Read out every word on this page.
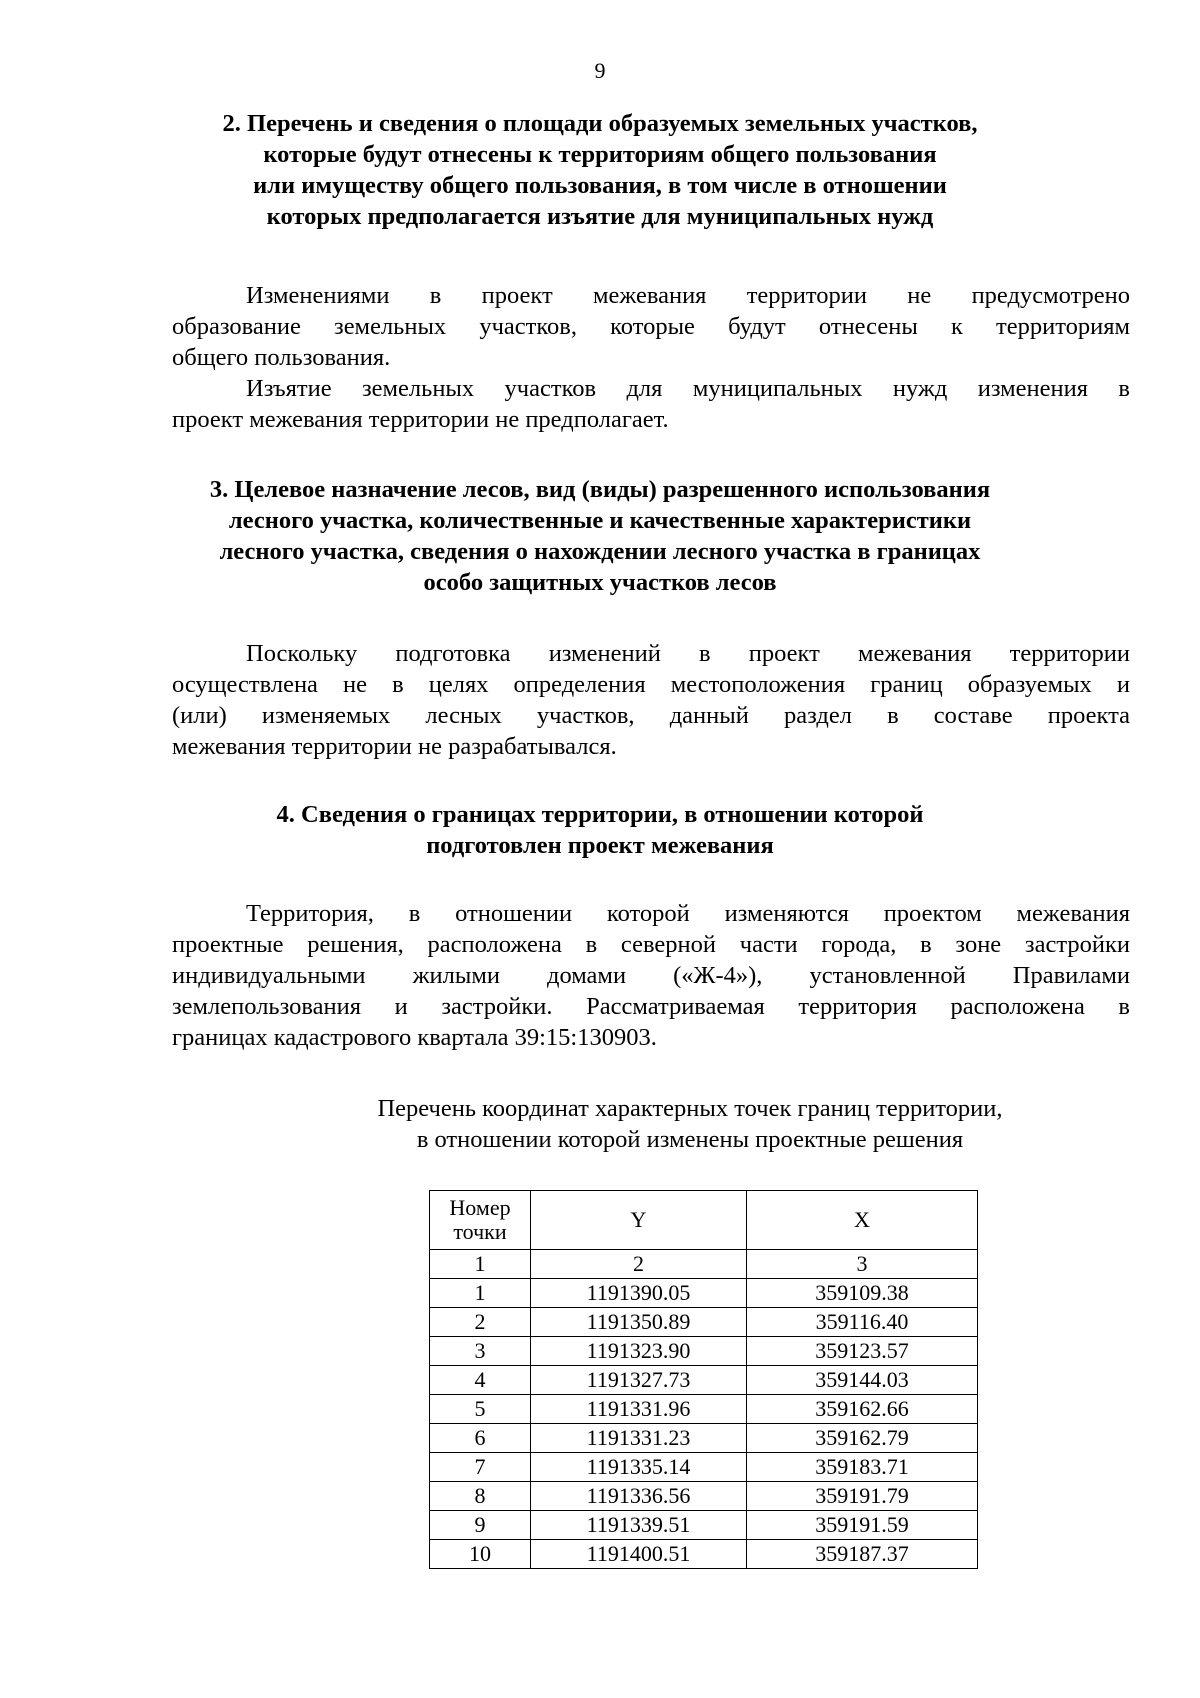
9
2. Перечень и сведения о площади образуемых земельных участков,
которые будут отнесены к территориям общего пользования
или имуществу общего пользования, в том числе в отношении
которых предполагается изъятие для муниципальных нужд
Изменениями в проект межевания территории не предусмотрено
образование земельных участков, которые будут отнесены к территориям
общего пользования.
Изъятие земельных участков для муниципальных нужд изменения в
проект межевания территории не предполагает.
3. Целевое назначение лесов, вид (виды) разрешенного использования
лесного участка, количественные и качественные характеристики
лесного участка, сведения о нахождении лесного участка в границах
особо защитных участков лесов
Поскольку подготовка изменений в проект межевания территории
осуществлена не в целях определения местоположения границ образуемых и
(или) изменяемых лесных участков, данный раздел в составе проекта
межевания территории не разрабатывался.
4. Сведения о границах территории, в отношении которой
подготовлен проект межевания
Территория, в отношении которой изменяются проектом межевания
проектные решения, расположена в северной части города, в зоне застройки
индивидуальными жилыми домами («Ж-4»), установленной Правилами
землепользования и застройки. Рассматриваемая территория расположена в
границах кадастрового квартала 39:15:130903.
Перечень координат характерных точек границ территории,
в отношении которой изменены проектные решения
Номер
точки	Y	X
1	2	3
1	1191390.05	359109.38
2	1191350.89	359116.40
3	1191323.90	359123.57
4	1191327.73	359144.03
5	1191331.96	359162.66
6	1191331.23	359162.79
7	1191335.14	359183.71
8	1191336.56	359191.79
9	1191339.51	359191.59
10	1191400.51	359187.37
